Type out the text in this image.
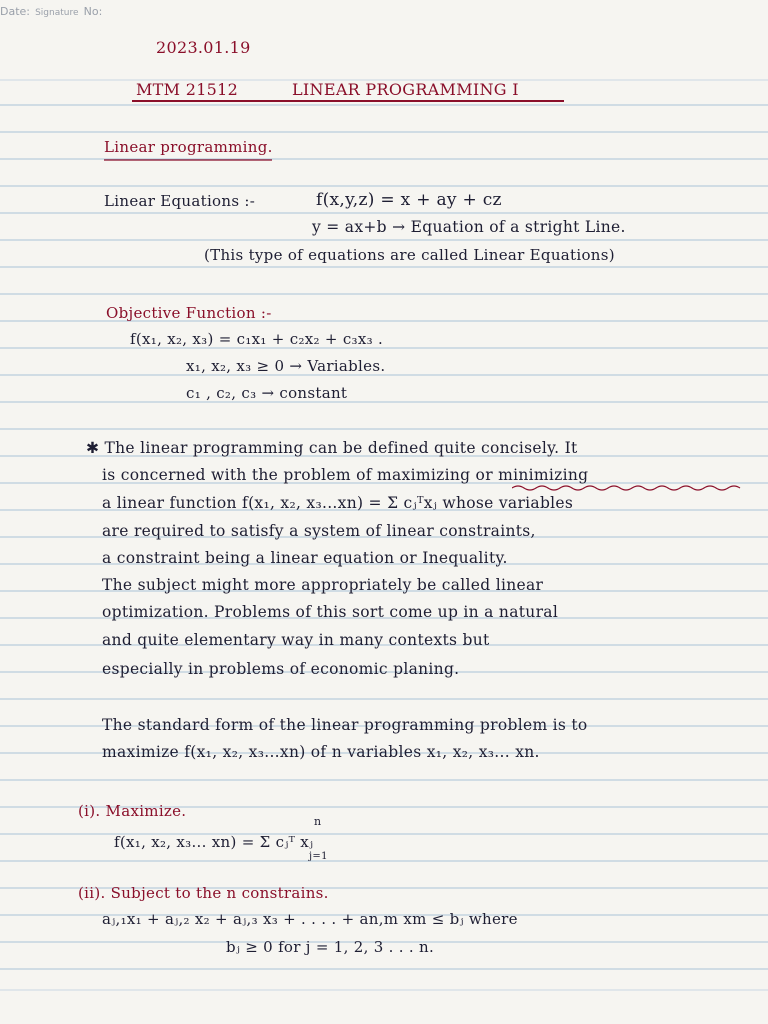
Date:
2023.01.19
MTM 21512	LINEAR PROGRAMMING I
Linear programming.
Linear Equations :-	f(x,y,z) = x + ay + cz
y = ax+b → Equation of a stright Line.
(This type of equations are called Linear Equations)
Objective Function :-
f(x₁, x₂, x₃) = c₁x₁ + c₂x₂ + c₃x₃ .
x₁, x₂, x₃ ≥ 0 → Variables.
c₁ , c₂, c₃ → constant
✱ The linear programming can be defined quite concisely. It
is concerned with the problem of maximizing or minimizing
a linear function f(x₁, x₂, x₃...xn) = Σ cⱼᵀxⱼ whose variables
are required to satisfy a system of linear constraints,
a constraint being a linear equation or Inequality.
The subject might more appropriately be called linear
optimization. Problems of this sort come up in a natural
and quite elementary way in many contexts but
especially in problems of economic planing.
The standard form of the linear programming problem is to
maximize f(x₁, x₂, x₃...xn) of n variables x₁, x₂, x₃... xn.
(i). Maximize.
f(x₁, x₂, x₃... xn) = Σ cⱼᵀ xⱼ
n
j=1
(ii). Subject to the n constrains.
aⱼ,₁x₁ + aⱼ,₂ x₂ + aⱼ,₃ x₃ + . . . . + an,m xm ≤ bⱼ where
bⱼ ≥ 0 for j = 1, 2, 3 . . . n.
Signature No:
